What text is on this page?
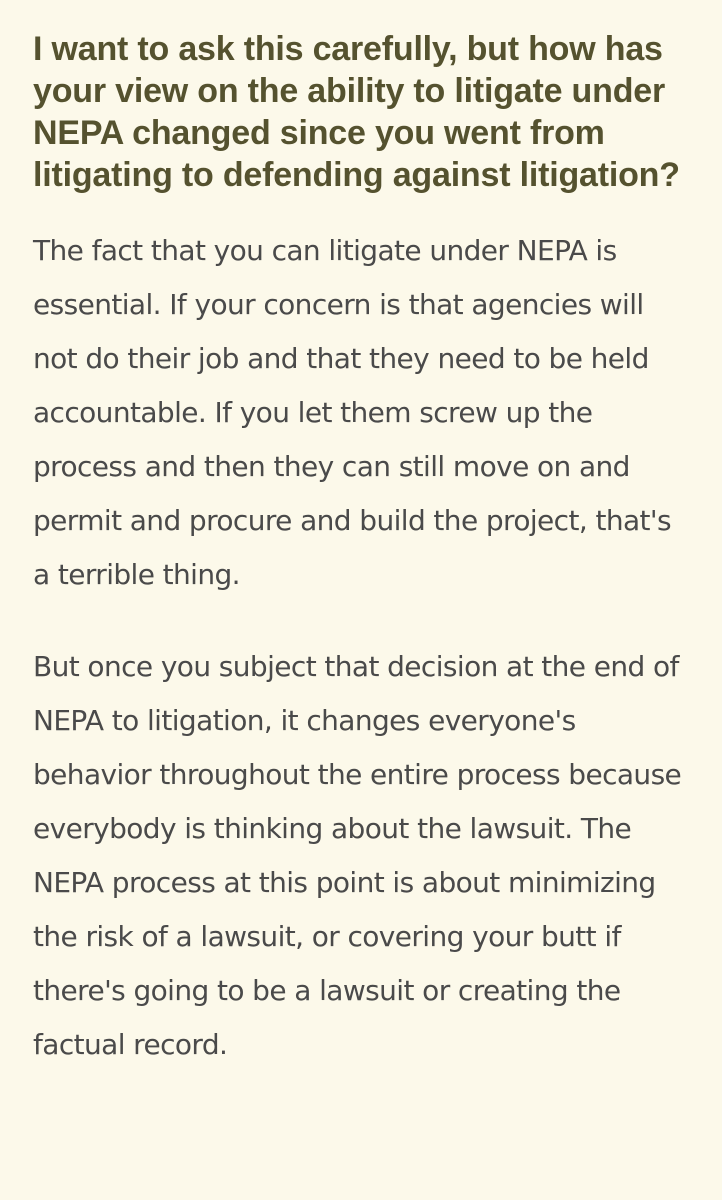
I want to ask this carefully, but how has your view on the ability to litigate under NEPA changed since you went from litigating to defending against litigation?

The fact that you can litigate under NEPA is essential. If your concern is that agencies will not do their job and that they need to be held accountable. If you let them screw up the process and then they can still move on and permit and procure and build the project, that's a terrible thing.

But once you subject that decision at the end of NEPA to litigation, it changes everyone's behavior throughout the entire process because everybody is thinking about the lawsuit. The NEPA process at this point is about minimizing the risk of a lawsuit, or covering your butt if there's going to be a lawsuit or creating the factual record.
